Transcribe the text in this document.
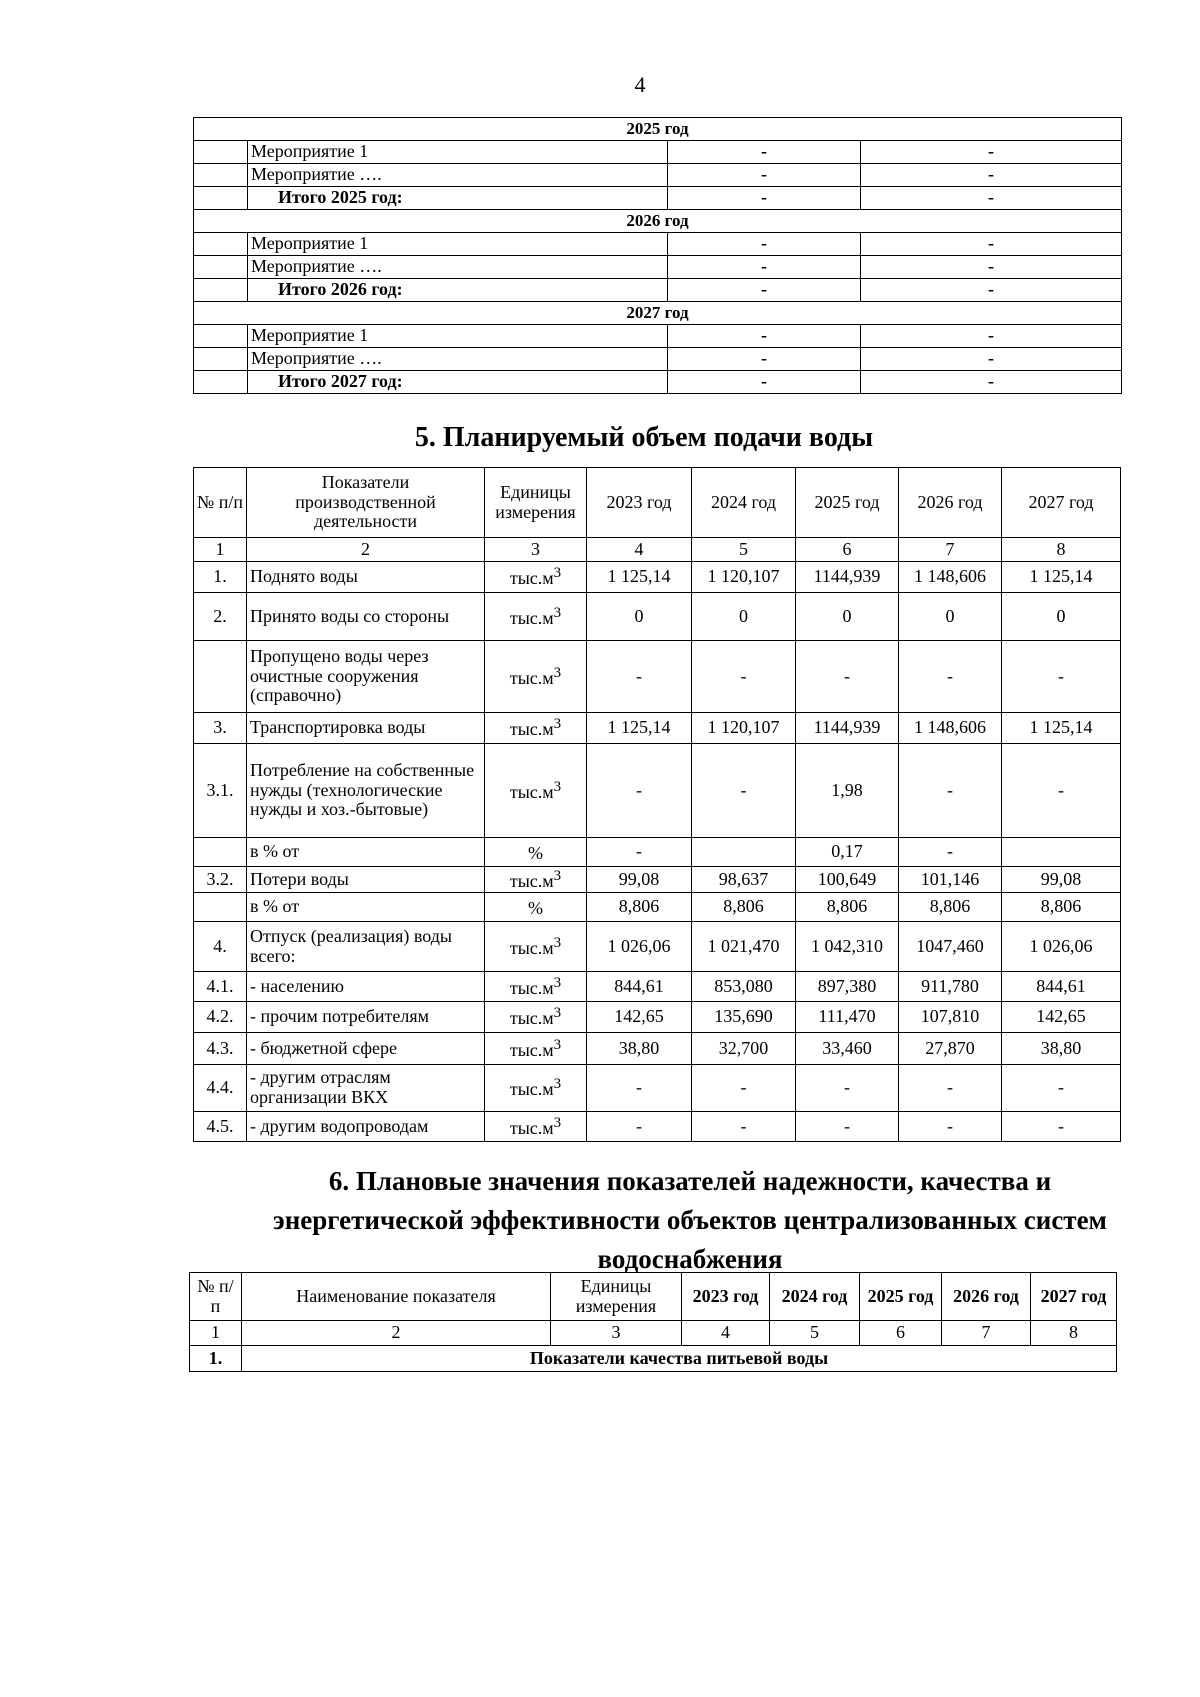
4
2025 год			
	Мероприятие 1	-	-
	Мероприятие ….	-	-
	Итого 2025 год:	-	-
2026 год			
	Мероприятие 1	-	-
	Мероприятие ….	-	-
	Итого 2026 год:	-	-
2027 год			
	Мероприятие 1	-	-
	Мероприятие ….	-	-
	Итого 2027 год:	-	-
5. Планируемый объем подачи воды
№ п/п	Показатели производственной деятельности	Единицы измерения	2023 год	2024 год	2025 год	2026 год	2027 год
1	2	3	4	5	6	7	8
1.	Поднято воды	$тыс.м^3$	1 125,14	1 120,107	1144,939	1 148,606	1 125,14
2.	Принято воды со стороны	$тыс.м^3$	0	0	0	0	0
	Пропущено воды через очистные сооружения (справочно)	$тыс.м^3$	-	-	-	-	-
3.	Транспортировка воды	$тыс.м^3$	1 125,14	1 120,107	1144,939	1 148,606	1 125,14
3.1.	Потребление на собственные нужды (технологические нужды и хоз.-бытовые)	$тыс.м^3$	-	-	1,98	-	-
	в % от	%	-		0,17	-	
3.2.	Потери воды	$тыс.м^3$	99,08	98,637	100,649	101,146	99,08
	в % от	%	8,806	8,806	8,806	8,806	8,806
4.	Отпуск (реализация) воды всего:	$тыс.м^3$	1 026,06	1 021,470	1 042,310	1047,460	1 026,06
4.1.	- населению	$тыс.м^3$	844,61	853,080	897,380	911,780	844,61
4.2.	- прочим потребителям	$тыс.м^3$	142,65	135,690	111,470	107,810	142,65
4.3.	- бюджетной сфере	$тыс.м^3$	38,80	32,700	33,460	27,870	38,80
4.4.	- другим отраслям организации ВКХ	$тыс.м^3$	-	-	-	-	-
4.5.	- другим водопроводам	$тыс.м^3$	-	-	-	-	-
6. Плановые значения показателей надежности, качества и энергетической эффективности объектов централизованных систем водоснабжения
№ п/п	Наименование показателя	Единицы измерения	2023 год	2024 год	2025 год	2026 год	2027 год
1	2	3	4	5	6	7	8
1.	Показатели качества питьевой воды						
